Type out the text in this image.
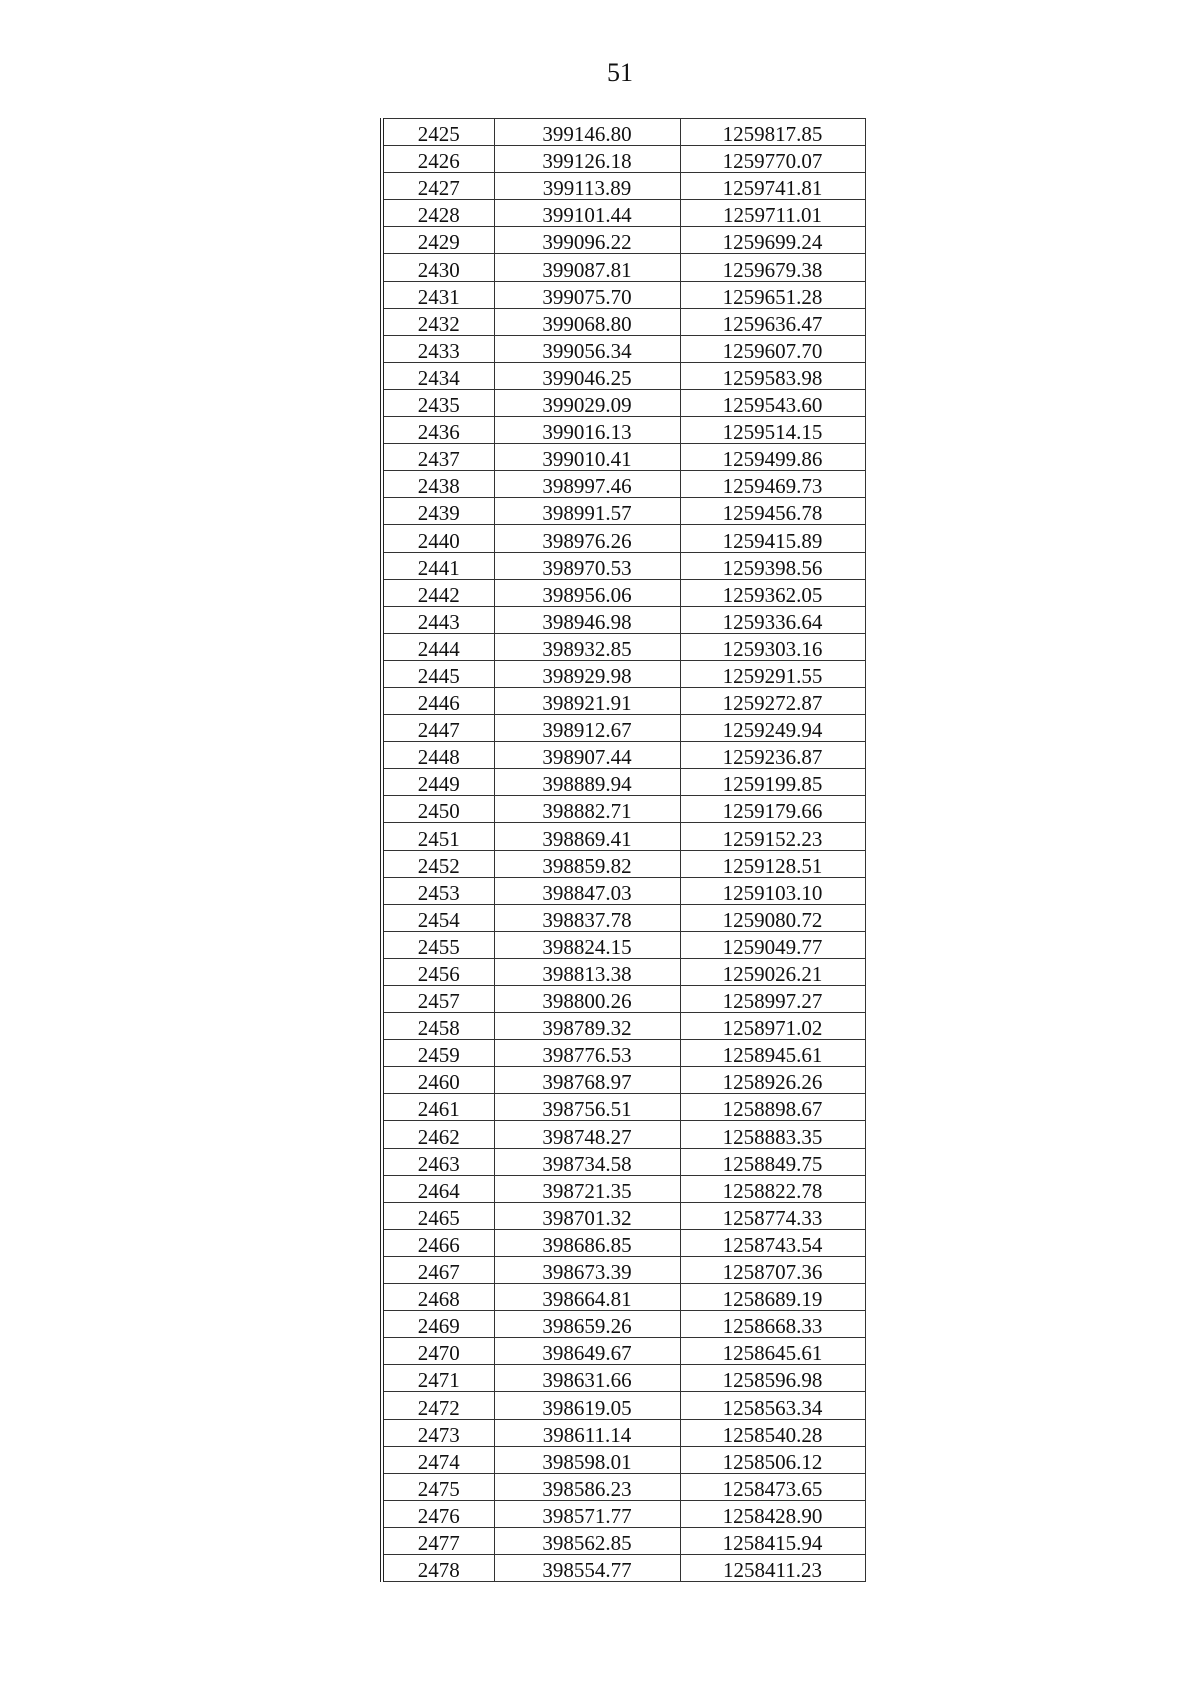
51
2425	399146.80	1259817.85
2426	399126.18	1259770.07
2427	399113.89	1259741.81
2428	399101.44	1259711.01
2429	399096.22	1259699.24
2430	399087.81	1259679.38
2431	399075.70	1259651.28
2432	399068.80	1259636.47
2433	399056.34	1259607.70
2434	399046.25	1259583.98
2435	399029.09	1259543.60
2436	399016.13	1259514.15
2437	399010.41	1259499.86
2438	398997.46	1259469.73
2439	398991.57	1259456.78
2440	398976.26	1259415.89
2441	398970.53	1259398.56
2442	398956.06	1259362.05
2443	398946.98	1259336.64
2444	398932.85	1259303.16
2445	398929.98	1259291.55
2446	398921.91	1259272.87
2447	398912.67	1259249.94
2448	398907.44	1259236.87
2449	398889.94	1259199.85
2450	398882.71	1259179.66
2451	398869.41	1259152.23
2452	398859.82	1259128.51
2453	398847.03	1259103.10
2454	398837.78	1259080.72
2455	398824.15	1259049.77
2456	398813.38	1259026.21
2457	398800.26	1258997.27
2458	398789.32	1258971.02
2459	398776.53	1258945.61
2460	398768.97	1258926.26
2461	398756.51	1258898.67
2462	398748.27	1258883.35
2463	398734.58	1258849.75
2464	398721.35	1258822.78
2465	398701.32	1258774.33
2466	398686.85	1258743.54
2467	398673.39	1258707.36
2468	398664.81	1258689.19
2469	398659.26	1258668.33
2470	398649.67	1258645.61
2471	398631.66	1258596.98
2472	398619.05	1258563.34
2473	398611.14	1258540.28
2474	398598.01	1258506.12
2475	398586.23	1258473.65
2476	398571.77	1258428.90
2477	398562.85	1258415.94
2478	398554.77	1258411.23
